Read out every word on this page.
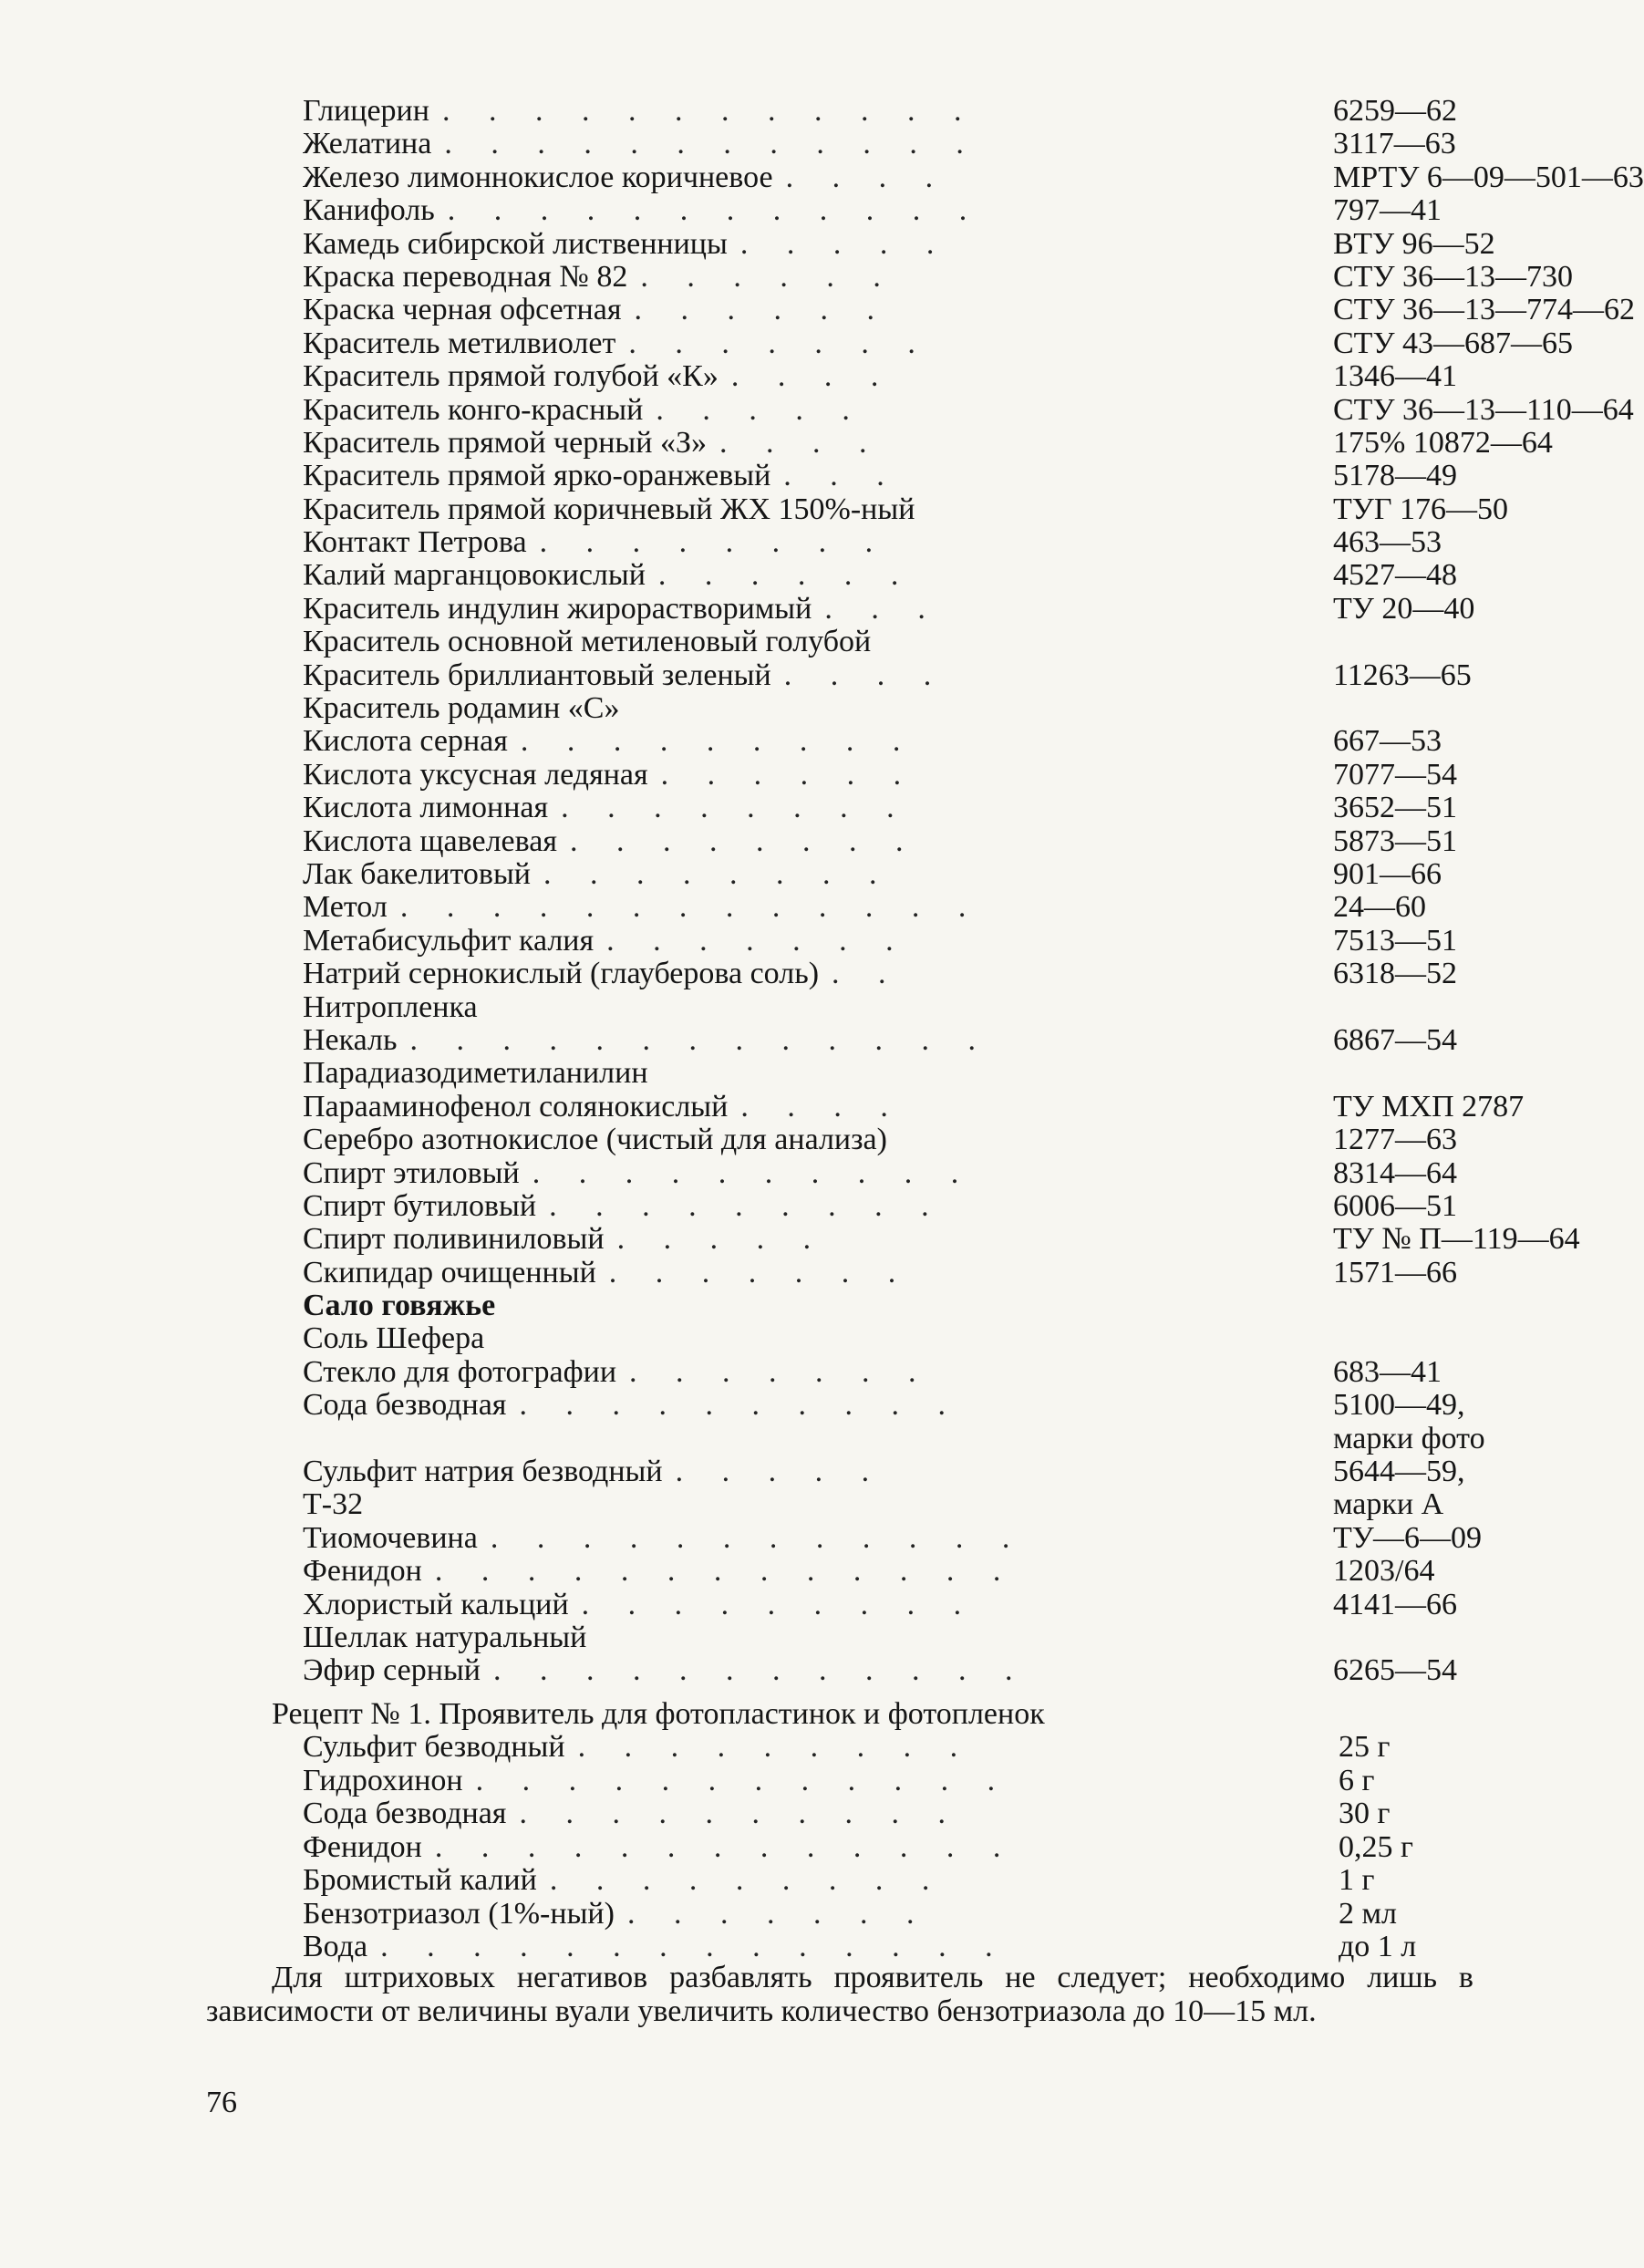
Глицерин . . . . . . . . . . . .	6259—62
Желатина . . . . . . . . . . . .	3117—63
Железо лимоннокислое коричневое . . . .	МРТУ 6—09—501—63
Канифоль . . . . . . . . . . . .	797—41
Камедь сибирской лиственницы . . . . .	ВТУ 96—52
Краска переводная № 82 . . . . . .	СТУ 36—13—730
Краска черная офсетная . . . . . .	СТУ 36—13—774—62
Краситель метилвиолет . . . . . . .	СТУ 43—687—65
Краситель прямой голубой «К» . . . .	1346—41
Краситель конго-красный . . . . .	СТУ 36—13—110—64
Краситель прямой черный «З» . . . .	175% 10872—64
Краситель прямой ярко-оранжевый . . .	5178—49
Краситель прямой коричневый ЖХ 150%-ный	ТУГ 176—50
Контакт Петрова . . . . . . . .	463—53
Калий марганцовокислый . . . . . .	4527—48
Краситель индулин жирорастворимый . . .	ТУ 20—40
Краситель основной метиленовый голубой
Краситель бриллиантовый зеленый . . . .	11263—65
Краситель родамин «С»
Кислота серная . . . . . . . . .	667—53
Кислота уксусная ледяная . . . . . .	7077—54
Кислота лимонная . . . . . . . .	3652—51
Кислота щавелевая . . . . . . . .	5873—51
Лак бакелитовый . . . . . . . .	901—66
Метол . . . . . . . . . . . . .	24—60
Метабисульфит калия . . . . . . .	7513—51
Натрий сернокислый (глауберова соль) . .	6318—52
Нитропленка
Некаль . . . . . . . . . . . . .	6867—54
Парадиазодиметиланилин
Парааминофенол солянокислый . . . .	ТУ МХП 2787
Серебро азотнокислое (чистый для анализа)	1277—63
Спирт этиловый . . . . . . . . . .	8314—64
Спирт бутиловый . . . . . . . . .	6006—51
Спирт поливиниловый . . . . .	ТУ № П—119—64
Скипидар очищенный . . . . . . .	1571—66
Сало говяжье
Соль Шефера
Стекло для фотографии . . . . . . .	683—41
Сода безводная . . . . . . . . . .	5100—49,
марки фото
Сульфит натрия безводный . . . . .	5644—59,
Т-32	марки А
Тиомочевина . . . . . . . . . . . .	ТУ—6—09
Фенидон . . . . . . . . . . . . .	1203/64
Хлористый кальций . . . . . . . . .	4141—66
Шеллак натуральный
Эфир серный . . . . . . . . . . . .	6265—54
Рецепт № 1. Проявитель для фотопластинок и фотопленок
Сульфит безводный . . . . . . . . .	25 г
Гидрохинон . . . . . . . . . . . .	6 г
Сода безводная . . . . . . . . . .	30 г
Фенидон . . . . . . . . . . . . .	0,25 г
Бромистый калий . . . . . . . . .	1 г
Бензотриазол (1%-ный) . . . . . . .	2 мл
Вода . . . . . . . . . . . . . .	до 1 л
Для штриховых негативов разбавлять проявитель не следует; необходимо лишь в зависимости от величины вуали увеличить количество бензотриазола до 10—15 мл.
76
